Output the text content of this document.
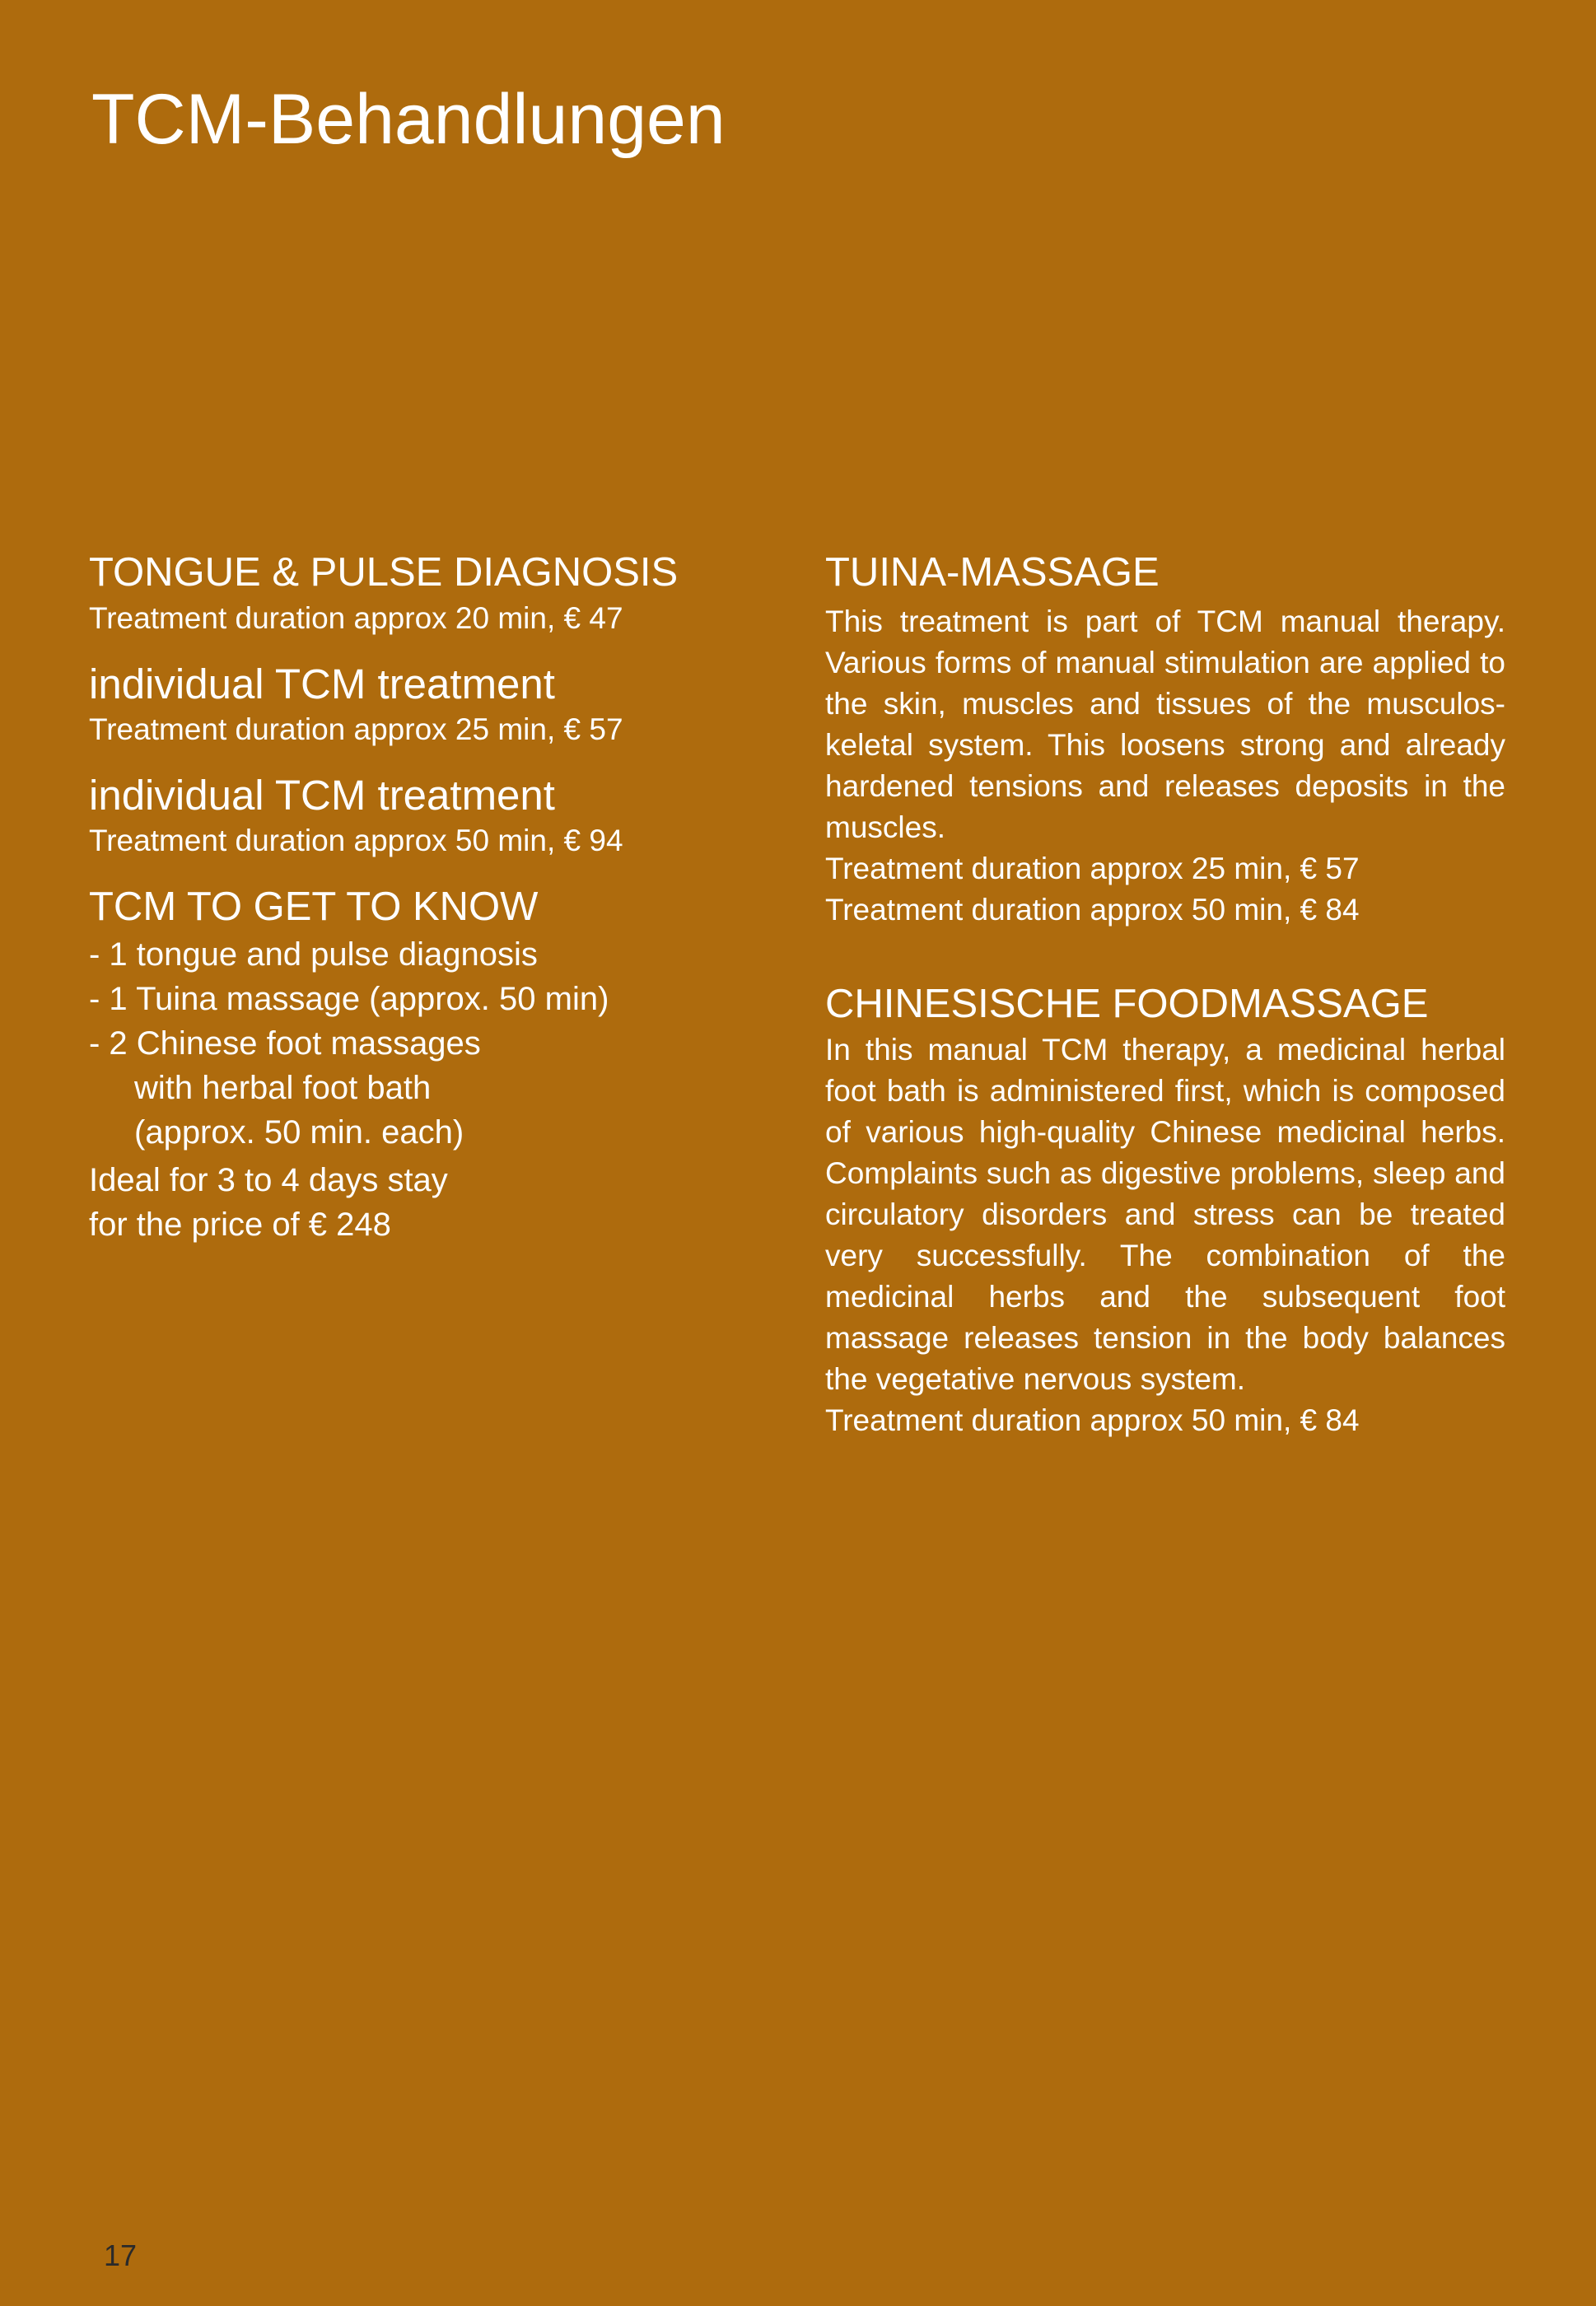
TCM-Behandlungen
TONGUE & PULSE DIAGNOSIS

Treatment duration approx 20 min, € 47

individual TCM treatment

Treatment duration approx 25 min, € 57

individual TCM treatment

Treatment duration approx 50 min, € 94

TCM TO GET TO KNOW

- 1 tongue and pulse diagnosis

- 1 Tuina massage (approx. 50 min)

- 2 Chinese foot massages

with herbal foot bath

(approx. 50 min. each)

Ideal for 3 to 4 days stay

for the price of € 248

TUINA-MASSAGE

This treatment is part of TCM manual therapy. Various forms of manual stimulation are applied to the skin, muscles and tissues of the musculoskeletal system. This loosens strong and already hardened tensions and releases deposits in the muscles.

Treatment duration approx 25 min, € 57

Treatment duration approx 50 min, € 84

CHINESISCHE FOODMASSAGE

In this manual TCM therapy, a medicinal herbal foot bath is administered first, which is composed of various high-quality Chinese medicinal herbs. Complaints such as digestive problems, sleep and circulatory disorders and stress can be treated very successfully. The combination of the medicinal herbs and the subsequent foot massage releases tension in the body balances the vegetative nervous system.

Treatment duration approx 50 min, € 84

17
